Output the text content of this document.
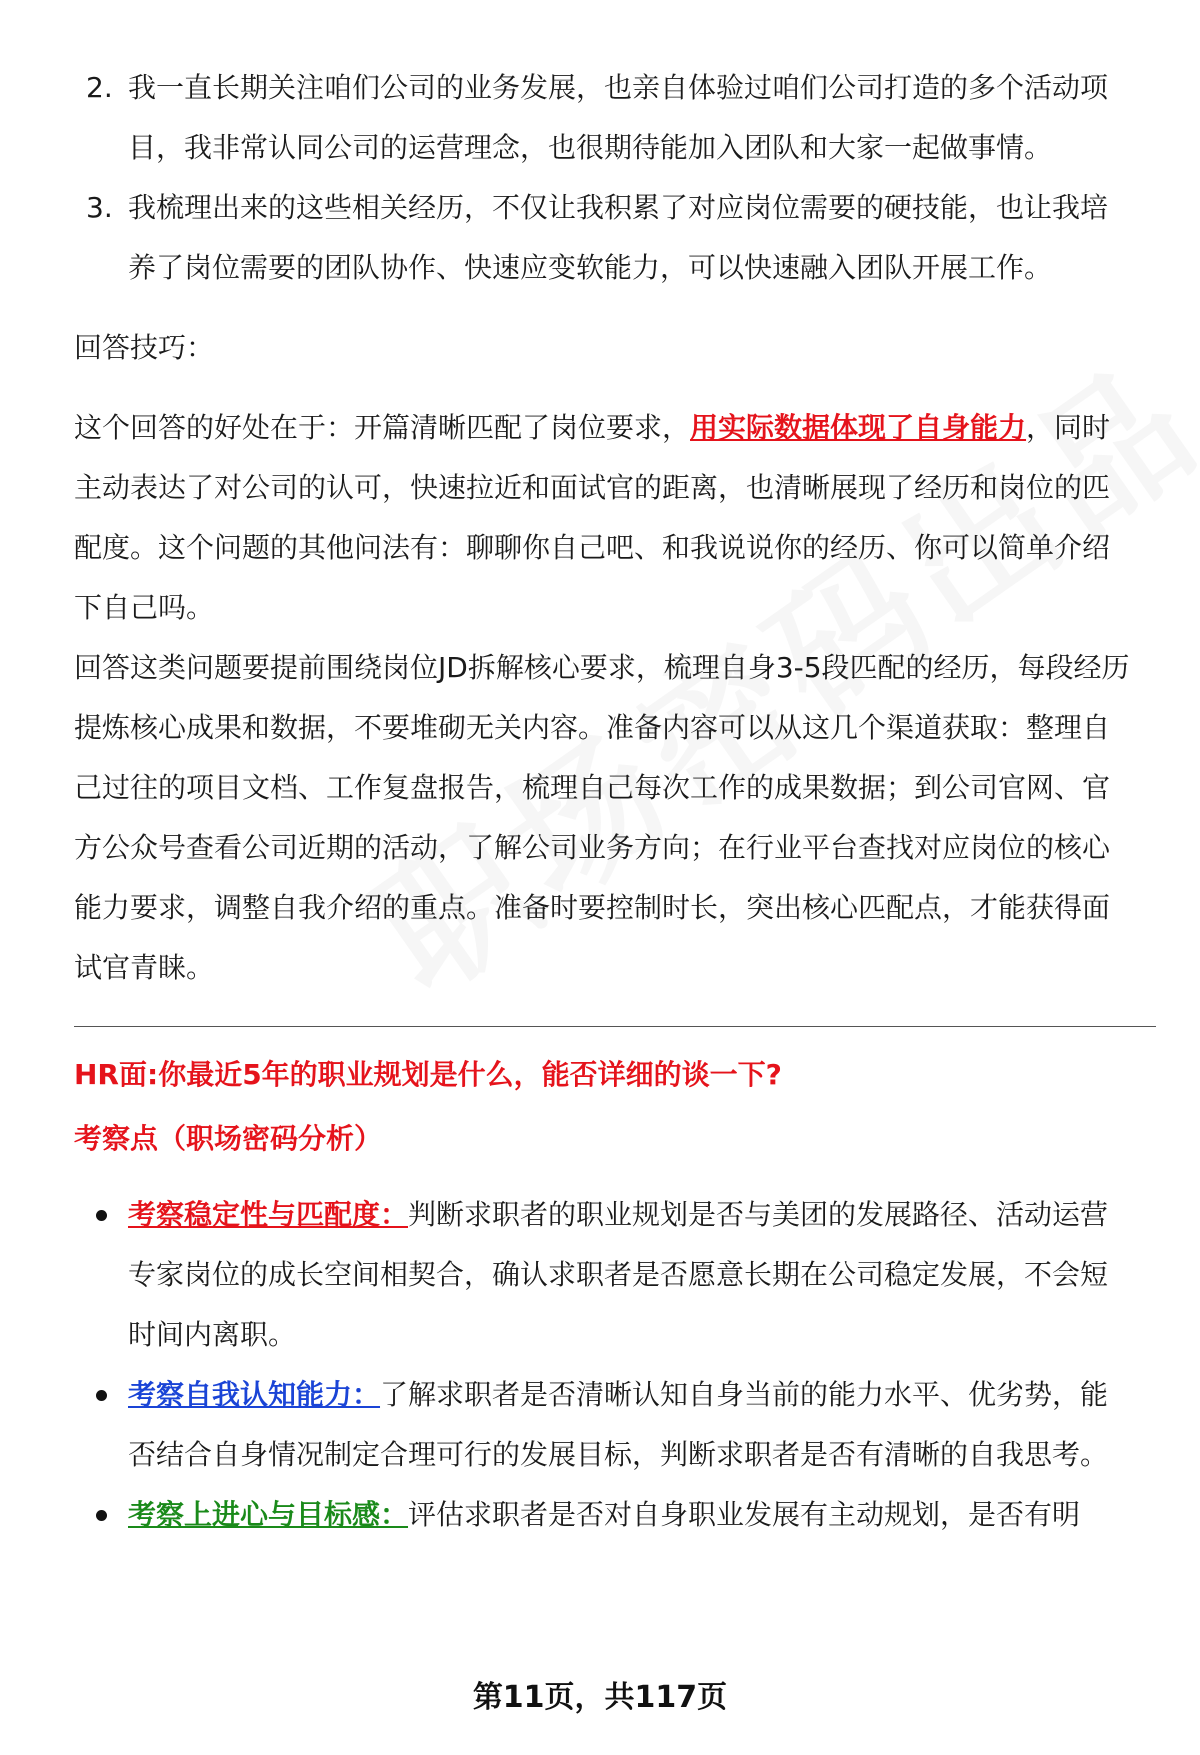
2. 我一直长期关注咱们公司的业务发展，也亲自体验过咱们公司打造的多个活动项目，我非常认同公司的运营理念，也很期待能加入团队和大家一起做事情。

3. 我梳理出来的这些相关经历，不仅让我积累了对应岗位需要的硬技能，也让我培养了岗位需要的团队协作、快速应变软能力，可以快速融入团队开展工作。

回答技巧：

这个回答的好处在于：开篇清晰匹配了岗位要求，用实际数据体现了自身能力，同时主动表达了对公司的认可，快速拉近和面试官的距离，也清晰展现了经历和岗位的匹配度。这个问题的其他问法有：聊聊你自己吧、和我说说你的经历、你可以简单介绍下自己吗。

回答这类问题要提前围绕岗位JD拆解核心要求，梳理自身3-5段匹配的经历，每段经历提炼核心成果和数据，不要堆砌无关内容。准备内容可以从这几个渠道获取：整理自己过往的项目文档、工作复盘报告，梳理自己每次工作的成果数据；到公司官网、官方公众号查看公司近期的活动，了解公司业务方向；在行业平台查找对应岗位的核心能力要求，调整自我介绍的重点。准备时要控制时长，突出核心匹配点，才能获得面试官青睐。

HR面:你最近5年的职业规划是什么，能否详细的谈一下?

考察点（职场密码分析）

考察稳定性与匹配度：判断求职者的职业规划是否与美团的发展路径、活动运营专家岗位的成长空间相契合，确认求职者是否愿意长期在公司稳定发展，不会短时间内离职。

考察自我认知能力：了解求职者是否清晰认知自身当前的能力水平、优劣势，能否结合自身情况制定合理可行的发展目标，判断求职者是否有清晰的自我思考。

考察上进心与目标感：评估求职者是否对自身职业发展有主动规划，是否有明

第11页，共117页
